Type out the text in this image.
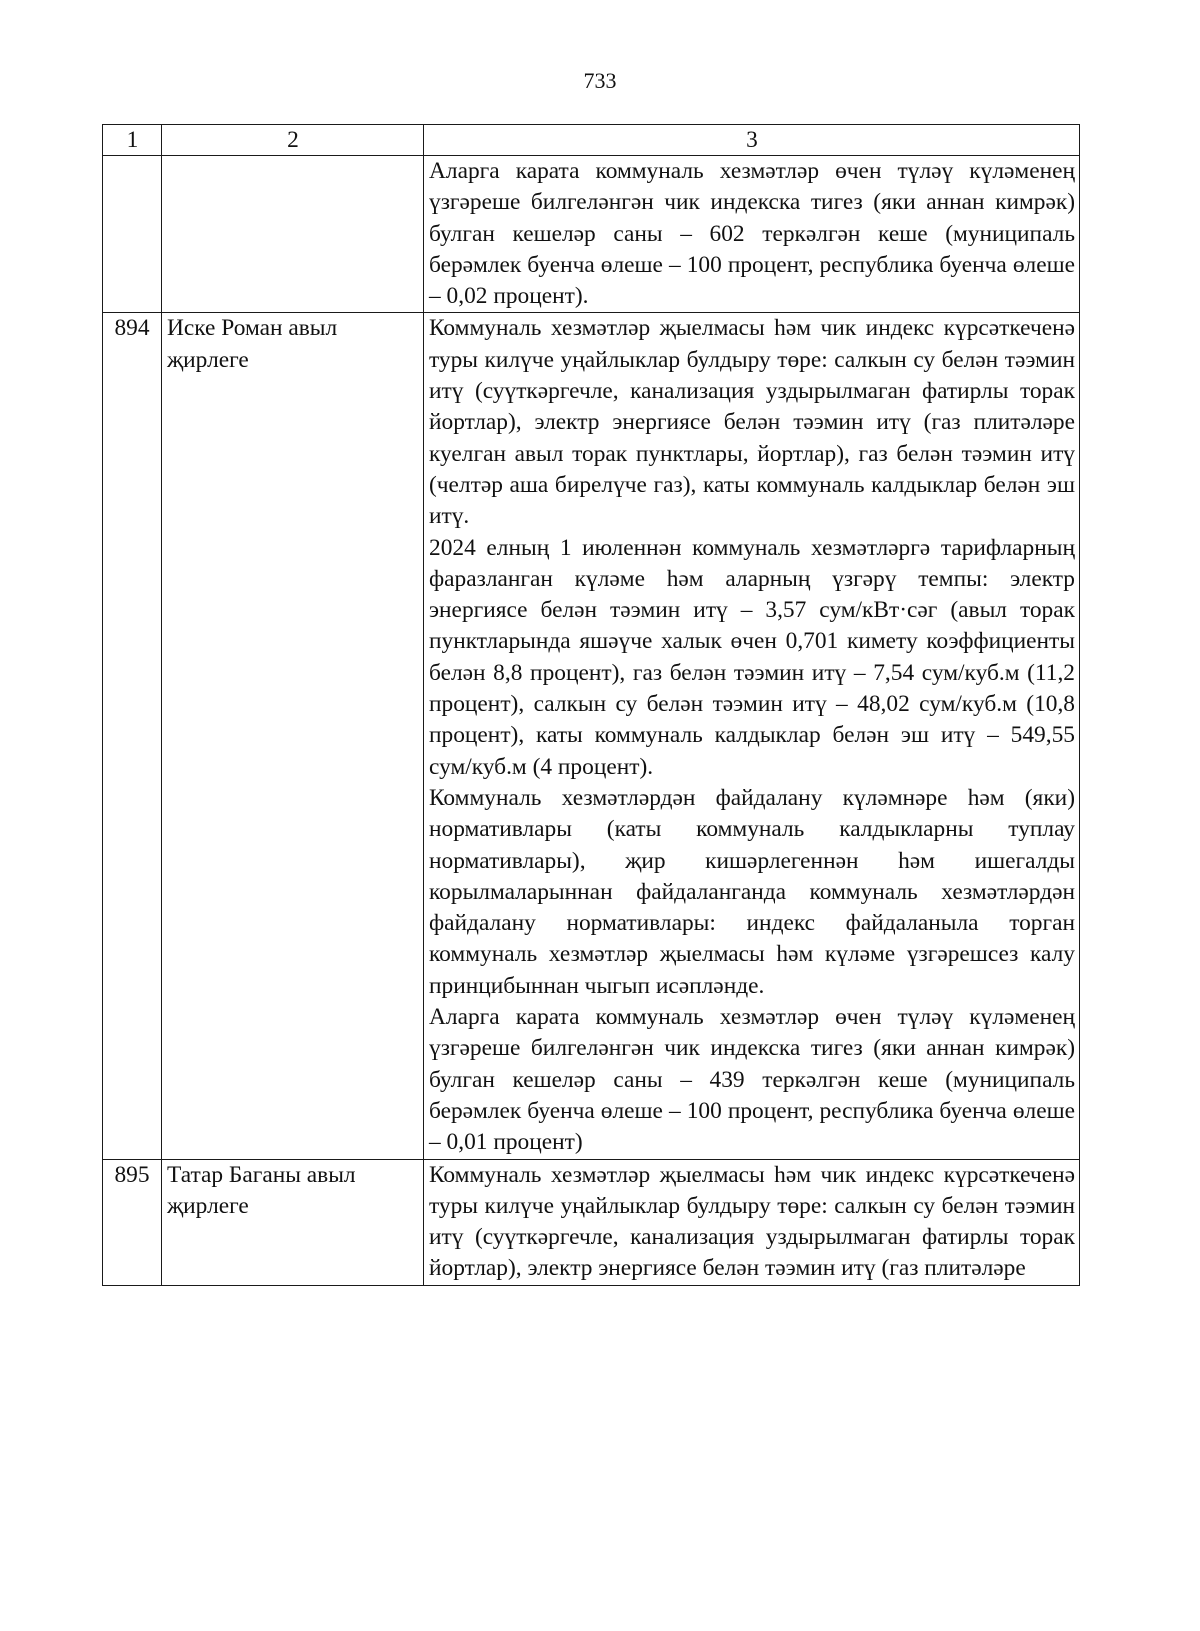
733
1	2	3

		Аларга карата коммуналь хезмәтләр өчен түләү күләменең үзгәреше билгеләнгән чик индекска тигез (яки аннан кимрәк) булган кешеләр саны – 602 теркәлгән кеше (муниципаль берәмлек буенча өлеше – 100 процент, республика буенча өлеше – 0,02 процент).

894	Иске Роман авыл җирлеге	Коммуналь хезмәтләр җыелмасы һәм чик индекс күрсәткеченә туры килүче уңайлыклар булдыру төре: салкын су белән тәэмин итү (суүткәргечле, канализация уздырылмаган фатирлы торак йортлар), электр энергиясе белән тәэмин итү (газ плитәләре куелган авыл торак пунктлары, йортлар), газ белән тәэмин итү (челтәр аша бирелүче газ), каты коммуналь калдыклар белән эш итү.
2024 елның 1 июленнән коммуналь хезмәтләргә тарифларның фаразланган күләме һәм аларның үзгәрү темпы: электр энергиясе белән тәэмин итү – 3,57 сум/кВт·сәг (авыл торак пунктларында яшәүче халык өчен 0,701 кимету коэффициенты белән 8,8 процент), газ белән тәэмин итү – 7,54 сум/куб.м (11,2 процент), салкын су белән тәэмин итү – 48,02 сум/куб.м (10,8 процент), каты коммуналь калдыклар белән эш итү – 549,55 сум/куб.м (4 процент).
Коммуналь хезмәтләрдән файдалану күләмнәре һәм (яки) нормативлары (каты коммуналь калдыкларны туплау нормативлары), җир кишәрлегеннән һәм ишегалды корылмаларыннан файдаланганда коммуналь хезмәтләрдән файдалану нормативлары: индекс файдаланыла торган коммуналь хезмәтләр җыелмасы һәм күләме үзгәрешсез калу принцибыннан чыгып исәпләнде.
Аларга карата коммуналь хезмәтләр өчен түләү күләменең үзгәреше билгеләнгән чик индекска тигез (яки аннан кимрәк) булган кешеләр саны – 439 теркәлгән кеше (муниципаль берәмлек буенча өлеше – 100 процент, республика буенча өлеше – 0,01 процент)

895	Татар Баганы авыл җирлеге	Коммуналь хезмәтләр җыелмасы һәм чик индекс күрсәткеченә туры килүче уңайлыклар булдыру төре: салкын су белән тәэмин итү (суүткәргечле, канализация уздырылмаган фатирлы торак йортлар), электр энергиясе белән тәэмин итү (газ плитәләре
